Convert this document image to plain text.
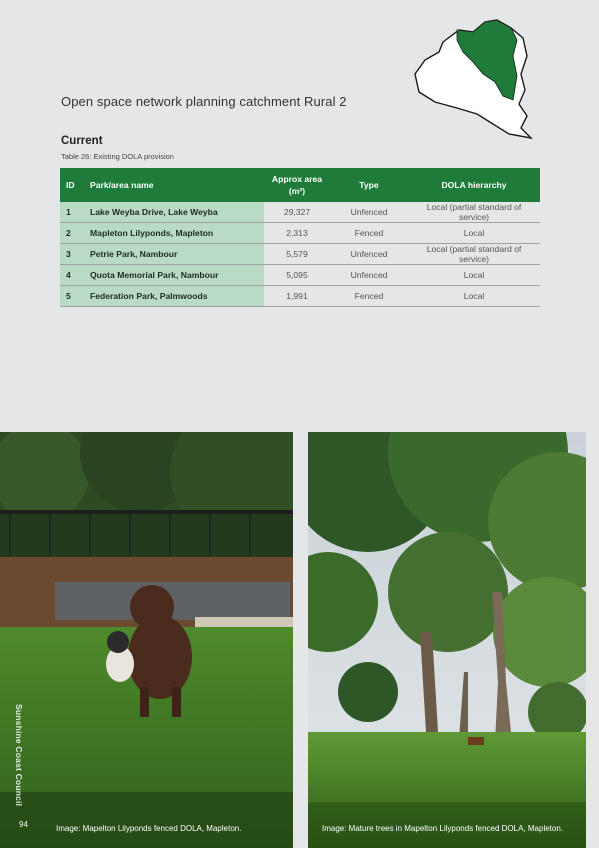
Open space network planning catchment Rural 2
Current
Table 26: Existing DOLA provision
ID	Park/area name	Approx area (m²)	Type	DOLA hierarchy
1	Lake Weyba Drive, Lake Weyba	29,327	Unfenced	Local (partial standard of service)
2	Mapleton Lilyponds, Mapleton	2,313	Fenced	Local
3	Petrie Park, Nambour	5,579	Unfenced	Local (partial standard of service)
4	Quota Memorial Park, Nambour	5,095	Unfenced	Local
5	Federation Park, Palmwoods	1,991	Fenced	Local
Image: Mapelton Lilyponds fenced DOLA, Mapleton.	Image: Mature trees in Mapelton Lilyponds fenced DOLA, Mapleton.
94
Sunshine Coast Council
